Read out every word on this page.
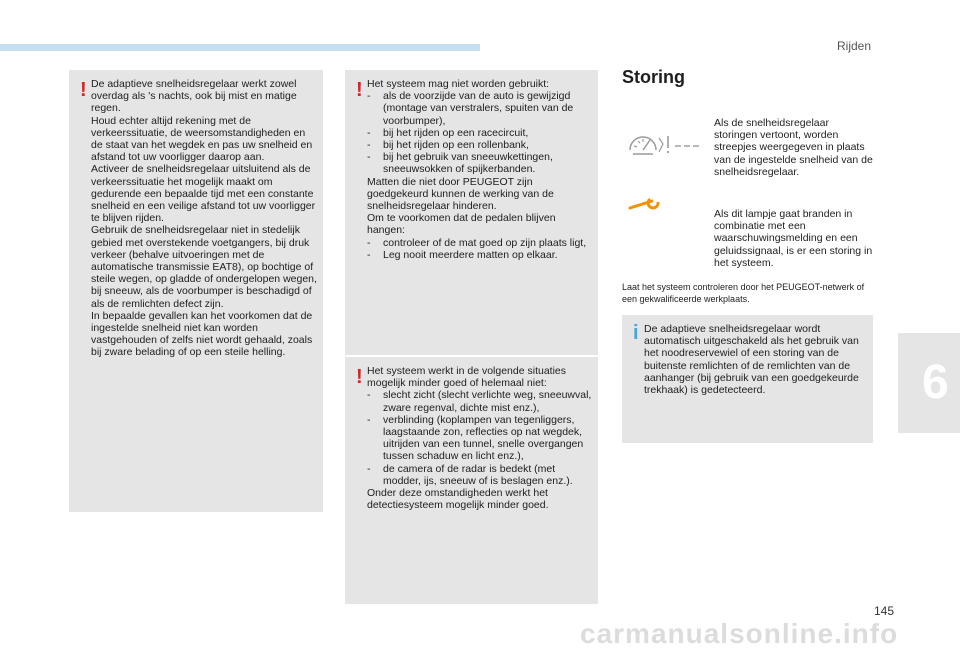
Rijden
6
! De adaptieve snelheidsregelaar werkt zowel overdag als 's nachts, ook bij mist en matige regen.

Houd echter altijd rekening met de verkeerssituatie, de weersomstandigheden en de staat van het wegdek en pas uw snelheid en afstand tot uw voorligger daarop aan.

Activeer de snelheidsregelaar uitsluitend als de verkeerssituatie het mogelijk maakt om gedurende een bepaalde tijd met een constante snelheid en een veilige afstand tot uw voorligger te blijven rijden.

Gebruik de snelheidsregelaar niet in stedelijk gebied met overstekende voetgangers, bij druk verkeer (behalve uitvoeringen met de automatische transmissie EAT8), op bochtige of steile wegen, op gladde of ondergelopen wegen, bij sneeuw, als de voorbumper is beschadigd of als de remlichten defect zijn.

In bepaalde gevallen kan het voorkomen dat de ingestelde snelheid niet kan worden vastgehouden of zelfs niet wordt gehaald, zoals bij zware belading of op een steile helling.

! Het systeem mag niet worden gebruikt:

- als de voorzijde van de auto is gewijzigd (montage van verstralers, spuiten van de voorbumper),
- bij het rijden op een racecircuit,
- bij het rijden op een rollenbank,
- bij het gebruik van sneeuwkettingen, sneeuwsokken of spijkerbanden.

Matten die niet door PEUGEOT zijn goedgekeurd kunnen de werking van de snelheidsregelaar hinderen.

Om te voorkomen dat de pedalen blijven hangen:

- controleer of de mat goed op zijn plaats ligt,
- Leg nooit meerdere matten op elkaar.
! Het systeem werkt in de volgende situaties mogelijk minder goed of helemaal niet:

- slecht zicht (slecht verlichte weg, sneeuwval, zware regenval, dichte mist enz.),
- verblinding (koplampen van tegenliggers, laagstaande zon, reflecties op nat wegdek, uitrijden van een tunnel, snelle overgangen tussen schaduw en licht enz.),
- de camera of de radar is bedekt (met modder, ijs, sneeuw of is beslagen enz.).

Onder deze omstandigheden werkt het detectiesysteem mogelijk minder goed.

Storing

Als de snelheidsregelaar storingen vertoont, worden streepjes weergegeven in plaats van de ingestelde snelheid van de snelheidsregelaar.

Als dit lampje gaat branden in combinatie met een waarschuwingsmelding en een geluidssignaal, is er een storing in het systeem.

Laat het systeem controleren door het PEUGEOT-netwerk of een gekwalificeerde werkplaats.

i De adaptieve snelheidsregelaar wordt automatisch uitgeschakeld als het gebruik van het noodreservewiel of een storing van de buitenste remlichten of de remlichten van de aanhanger (bij gebruik van een goedgekeurde trekhaak) is gedetecteerd.

145
carmanualsonline.info
